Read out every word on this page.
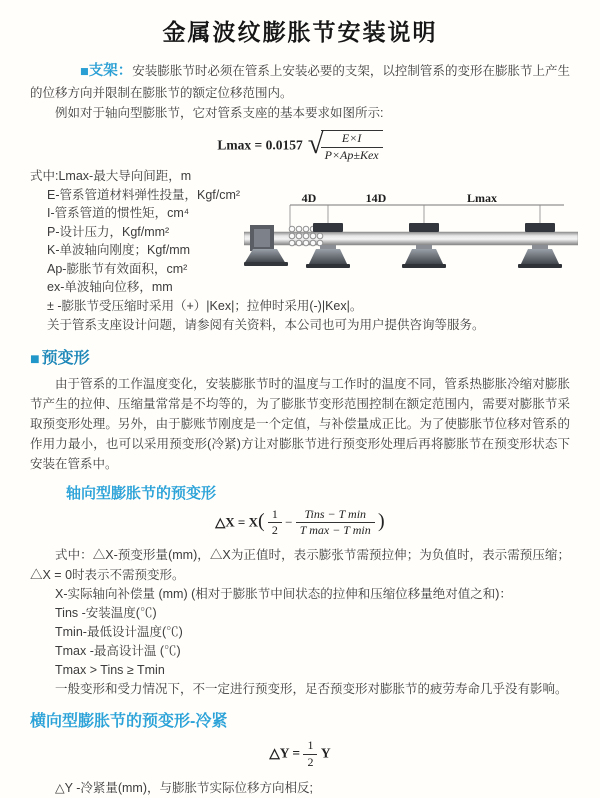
金属波纹膨胀节安装说明

■支架：安装膨胀节时必须在管系上安装必要的支架，以控制管系的变形在膨胀节上产生的位移方向并限制在膨胀节的额定位移范围内。

例如对于轴向型膨胀节，它对管系支座的基本要求如图所示:

Lmax = 0.0157 √
$\frac{E\times I}{\text{P×Ap±Kex}}$
式中:Lmax-最大导向间距，m
E-管系管道材料弹性投量，Kgf/cm²
I-管系管道的惯性矩，cm⁴
P-设计压力，Kgf/mm²
K-单波轴向刚度；Kgf/mm
Ap-膨胀节有效面积，cm²
ex-单波轴向位移，mm
4D	14D	Lmax
± -膨胀节受压缩时采用（+）|Kex|；拉伸时采用(-)|Kex|。
关于管系支座设计问题，请参阅有关资料，本公司也可为用户提供咨询等服务。
■ 预变形

由于管系的工作温度变化，安装膨胀节时的温度与工作时的温度不同，管系热膨胀冷缩对膨胀节产生的拉伸、压缩量常常是不均等的，为了膨胀节变形范围控制在额定范围内，需要对膨胀节采取预变形处理。另外，由于膨账节刚度是一个定值，与补偿量成正比。为了使膨胀节位移对管系的作用力最小，也可以采用预变形(冷紧)方让对膨胀节进行预变形处理后再将膨胀节在预变形状态下安装在管系中。

轴向型膨胀节的预变形
△X = $X( \frac{1}{2} - \frac{\text{Tins − T min}}{\text{T max − T min}}$ )

式中：△X-预变形量(mm)，△X为正值时，表示膨张节需预拉伸；为负值时，表示需预压缩；△X = 0时表示不需预变形。

X-实际轴向补偿量 (mm) (相对于膨胀节中间状态的拉伸和压缩位移量绝对值之和)：
Tins -安装温度(℃)
Tmin-最低设计温度(℃)
Tmax -最高设计温 (℃)
Tmax > Tins ≥ Tmin
一般变形和受力情况下，不一定进行预变形，足否预变形对膨胀节的疲劳寿命几乎没有影响。
横向型膨胀节的预变形-冷紧
△Y = $\frac{1}{2}$ Y
△Y -冷紧量(mm)，与膨胀节实际位移方向相反;
